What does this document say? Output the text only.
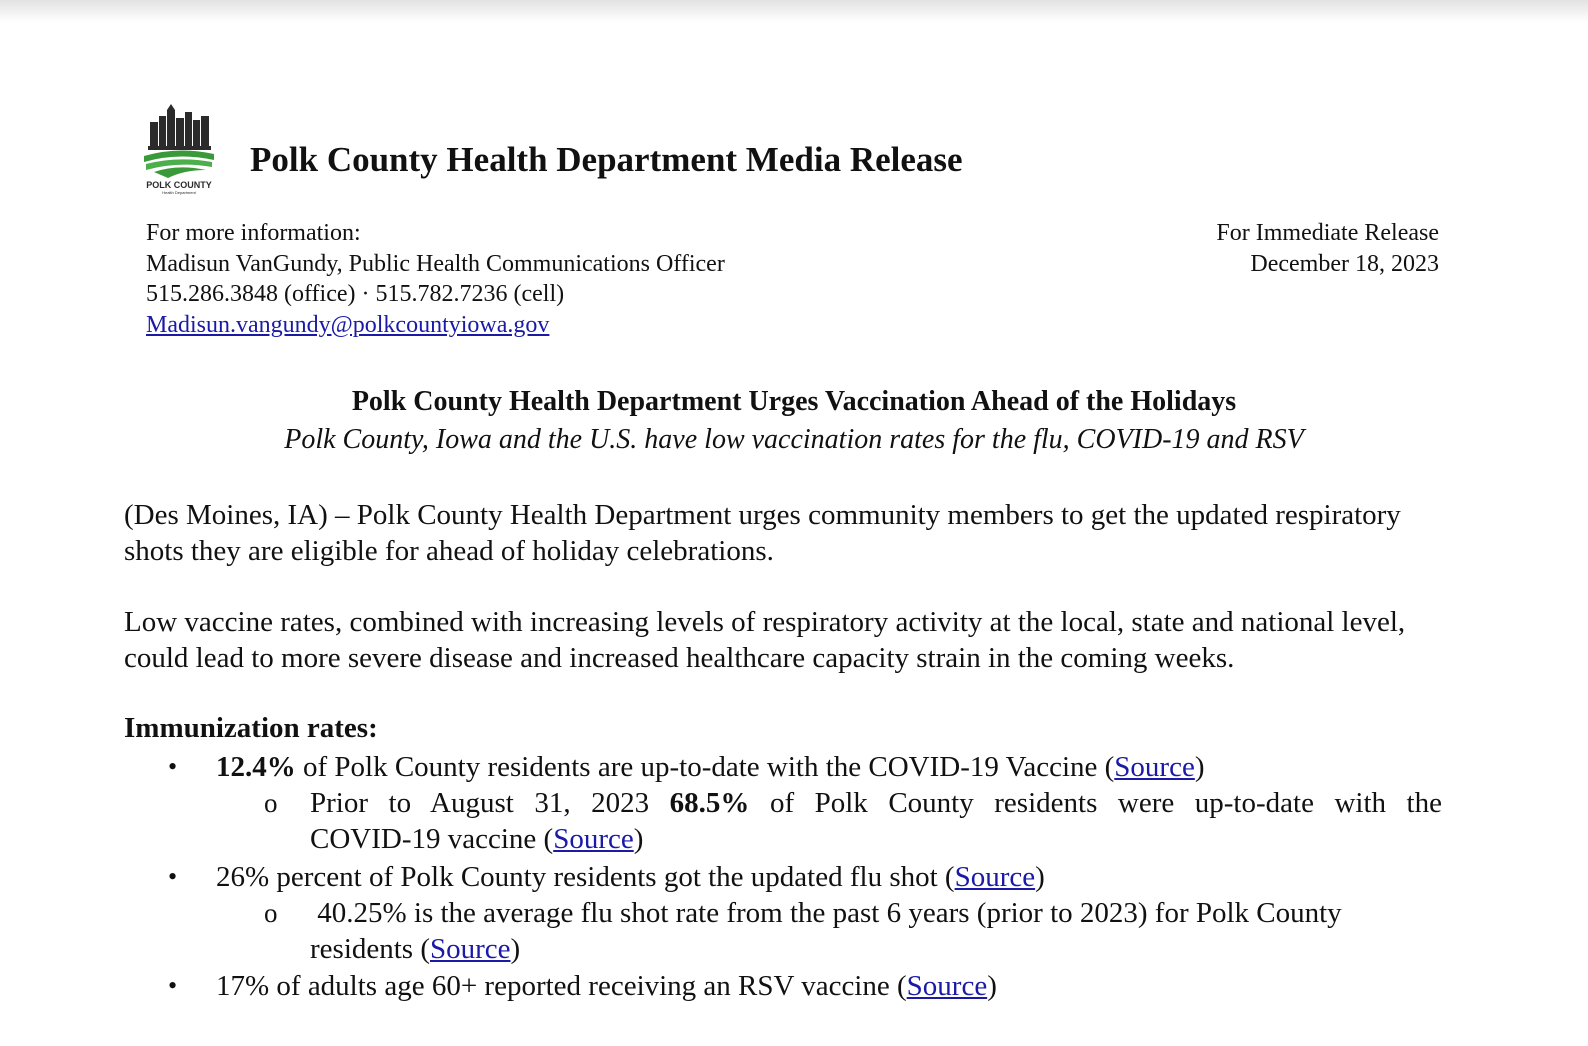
POLK COUNTY
Health Department
Polk County Health Department Media Release
For more information:
Madisun VanGundy, Public Health Communications Officer
515.286.3848 (office) · 515.782.7236 (cell)
Madisun.vangundy@polkcountyiowa.gov
For Immediate Release
December 18, 2023
Polk County Health Department Urges Vaccination Ahead of the Holidays

Polk County, Iowa and the U.S. have low vaccination rates for the flu, COVID-19 and RSV

(Des Moines, IA) – Polk County Health Department urges community members to get the updated respiratory shots they are eligible for ahead of holiday celebrations.

Low vaccine rates, combined with increasing levels of respiratory activity at the local, state and national level, could lead to more severe disease and increased healthcare capacity strain in the coming weeks.

Immunization rates:
• 12.4% of Polk County residents are up-to-date with the COVID-19 Vaccine (Source)
o Prior to August 31, 2023 68.5% of Polk County residents were up-to-date with the
COVID-19 vaccine (Source)
• 26% percent of Polk County residents got the updated flu shot (Source)
o 40.25% is the average flu shot rate from the past 6 years (prior to 2023) for Polk County
residents (Source)
• 17% of adults age 60+ reported receiving an RSV vaccine (Source)
